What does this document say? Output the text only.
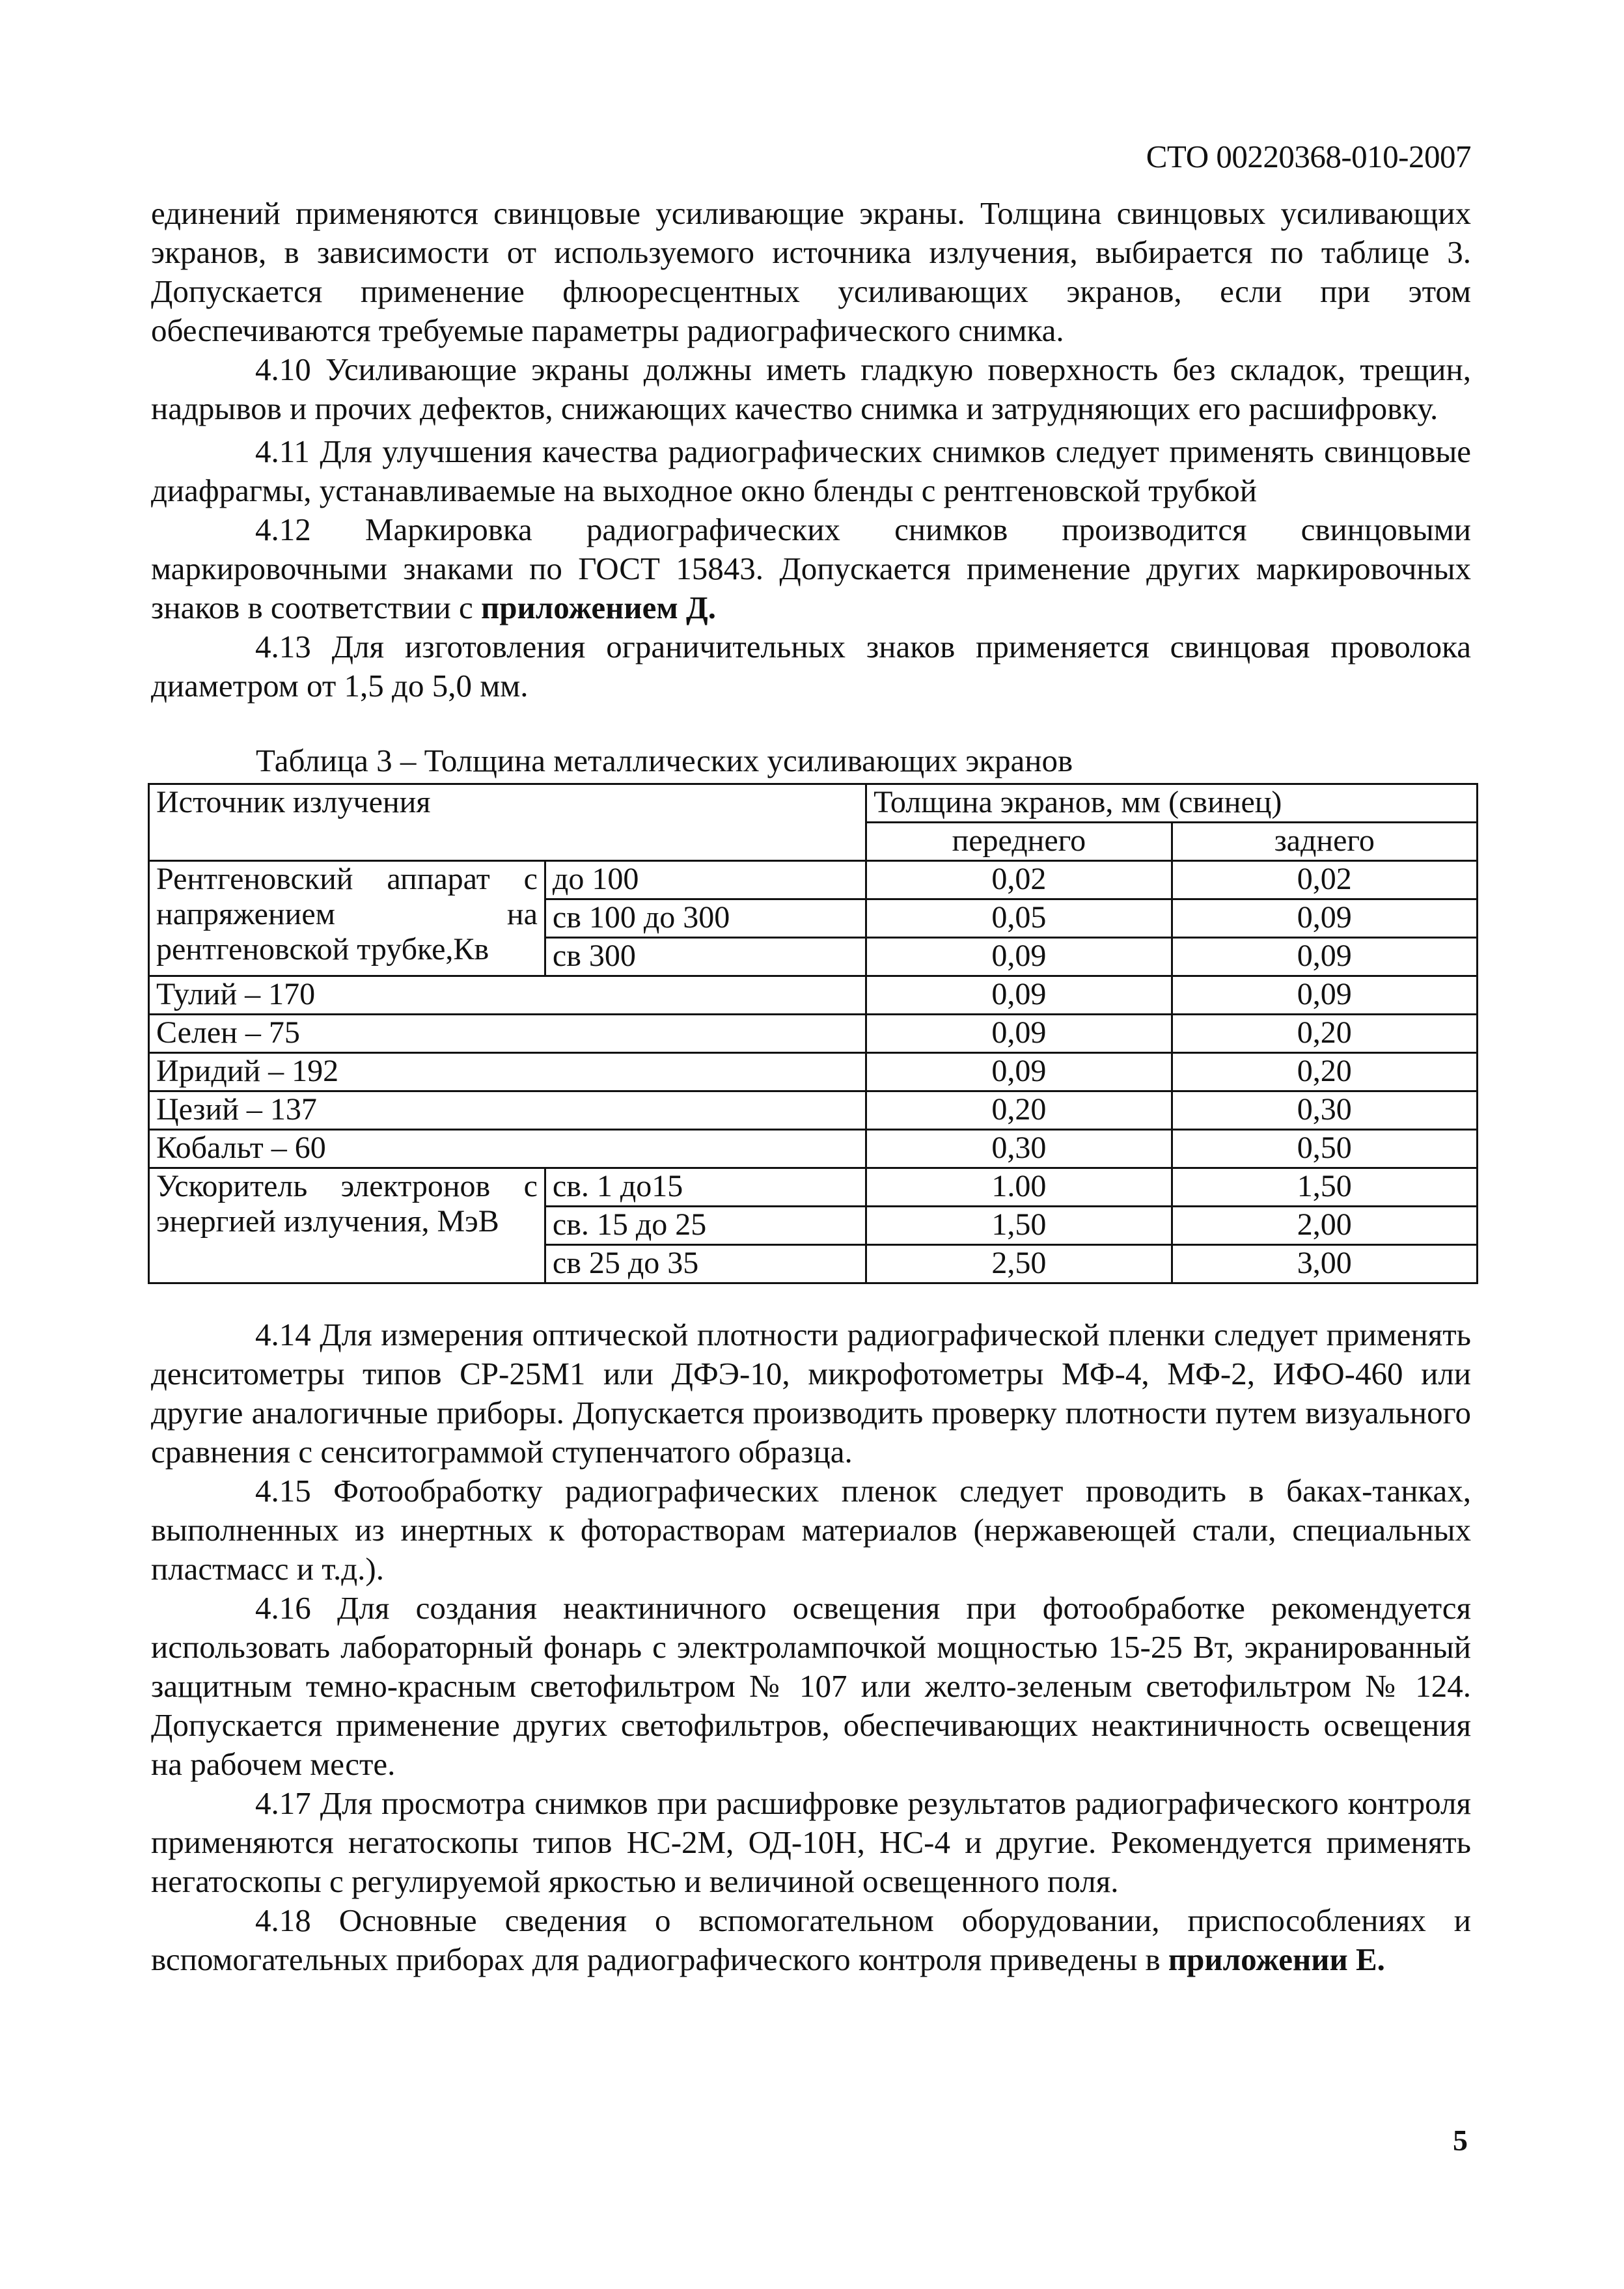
СТО 00220368-010-2007

единений применяются свинцовые усиливающие экраны. Толщина свинцовых усиливающих экранов, в зависимости от используемого источника излучения, выбирается по таблице 3. Допускается применение флюоресцентных усиливающих экранов, если при этом обеспечиваются требуемые параметры радиографического снимка.

4.10 Усиливающие экраны должны иметь гладкую поверхность без складок, трещин, надрывов и прочих дефектов, снижающих качество снимка и затрудняющих его расшифровку.

4.11 Для улучшения качества радиографических снимков следует применять свинцовые диафрагмы, устанавливаемые на выходное окно бленды с рентгеновской трубкой

4.12 Маркировка радиографических снимков производится свинцовыми маркировочными знаками по ГОСТ 15843. Допускается применение других маркировочных знаков в соответствии с приложением Д.

4.13 Для изготовления ограничительных знаков применяется свинцовая проволока диаметром от 1,5 до 5,0 мм.

Таблица 3 – Толщина металлических усиливающих экранов
Источник излучения		Толщина экранов, мм (свинец)	
		переднего	заднего
Рентгеновский аппарат с напряжением на рентгеновской трубке,Кв	до 100	0,02	0,02
	св 100 до 300	0,05	0,09
	св 300	0,09	0,09
Тулий – 170		0,09	0,09
Селен – 75		0,09	0,20
Иридий – 192		0,09	0,20
Цезий – 137		0,20	0,30
Кобальт – 60		0,30	0,50
Ускоритель электронов с энергией излучения, МэВ	св. 1 до15	1.00	1,50
	св. 15 до 25	1,50	2,00
	св 25 до 35	2,50	3,00

4.14 Для измерения оптической плотности радиографической пленки следует применять денситометры типов СР-25М1 или ДФЭ-10, микрофотометры МФ-4, МФ-2, ИФО-460 или другие аналогичные приборы. Допускается производить проверку плотности путем визуального сравнения с сенситограммой ступенчатого образца.

4.15 Фотообработку радиографических пленок следует проводить в баках-танках, выполненных из инертных к фоторастворам материалов (нержавеющей стали, специальных пластмасс и т.д.).

4.16 Для создания неактиничного освещения при фотообработке рекомендуется использовать лабораторный фонарь с электролампочкой мощностью 15-25 Вт, экранированный защитным темно-красным светофильтром № 107 или желто-зеленым светофильтром № 124. Допускается применение других светофильтров, обеспечивающих неактиничность освещения на рабочем месте.

4.17 Для просмотра снимков при расшифровке результатов радиографического контроля применяются негатоскопы типов НС-2М, ОД-10Н, НС-4 и другие. Рекомендуется применять негатоскопы с регулируемой яркостью и величиной освещенного поля.

4.18 Основные сведения о вспомогательном оборудовании, приспособлениях и вспомогательных приборах для радиографического контроля приведены в приложении Е.

5
